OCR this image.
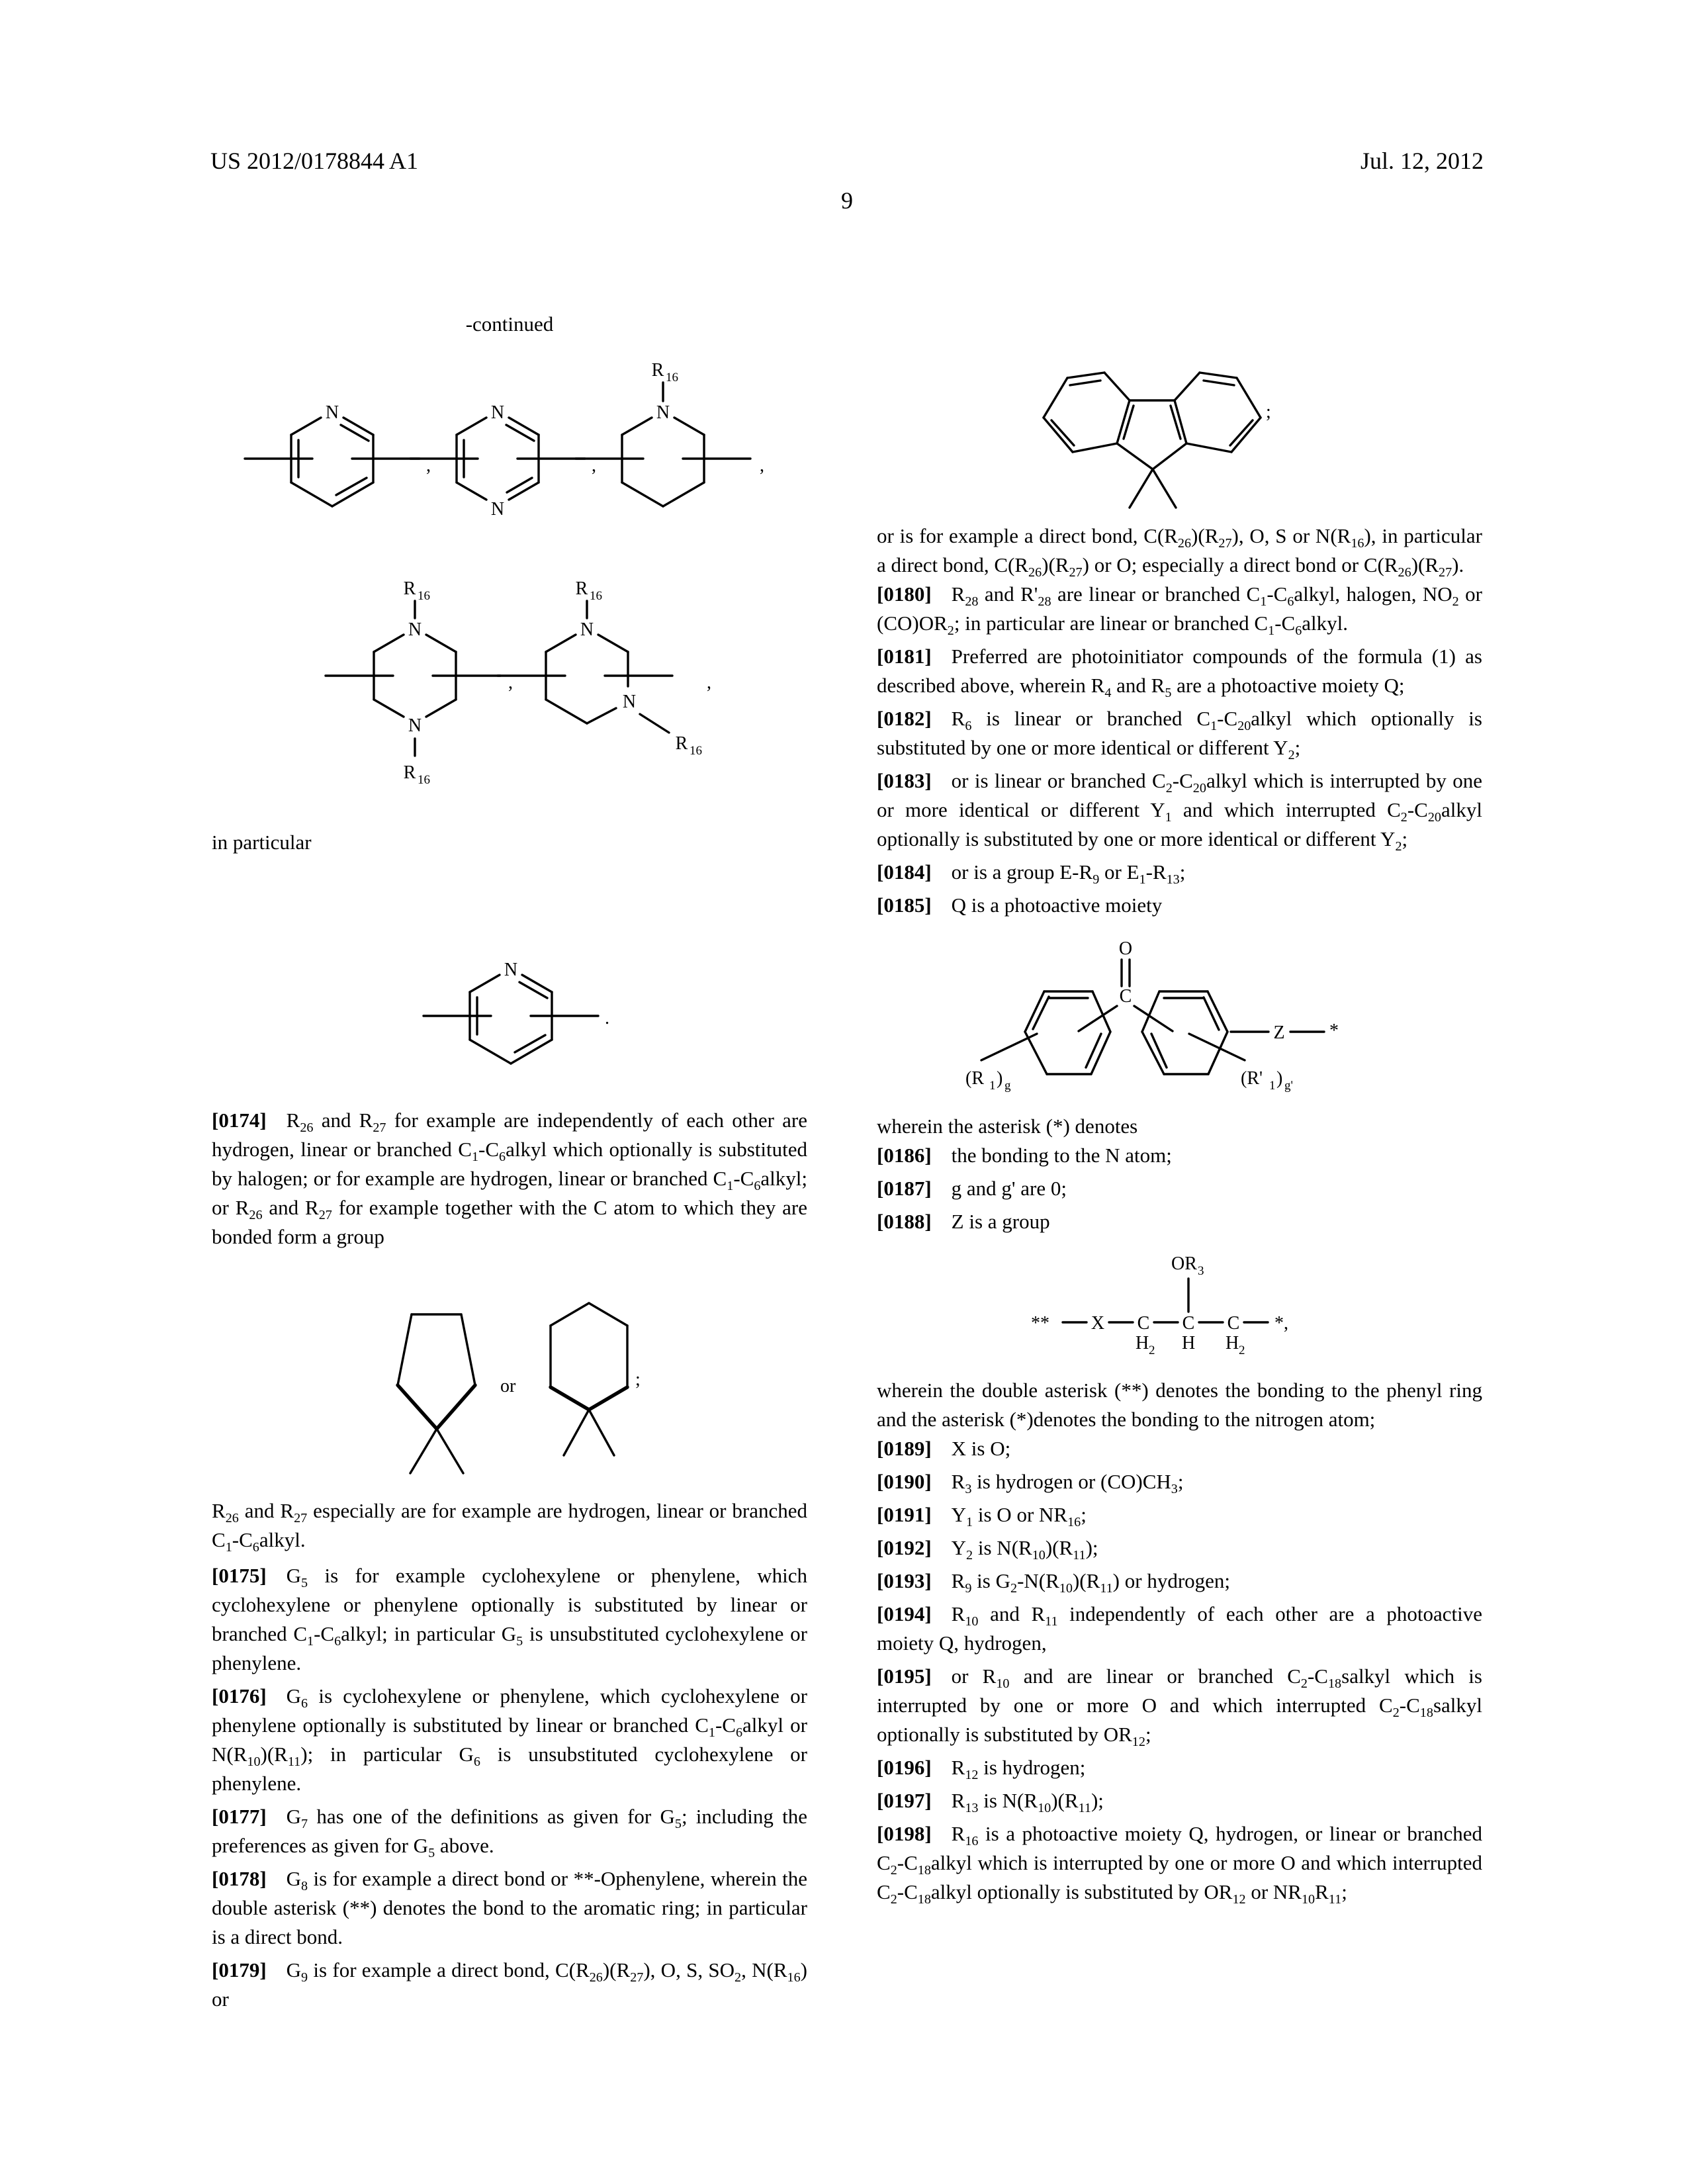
US 2012/0178844 A1	Jul. 12, 2012
9
-continued
N
,
N
N
,
N
R 16
,
N
N
R 16
R 16
,
N
R 16
N
R 16
,
in particular
N
.

[0174] $R_{26}$ and $R_{27}$ for example are independently of each other are hydrogen, linear or branched $C_1-C_6alkyl$ which optionally is substituted by halogen; or for example are hydrogen, linear or branched $C_1-C_6alkyl$; or $R_{26}$ and $R_{27}$ for example together with the C atom to which they are bonded form a group

or	;

$R_{26}$ and $R_{27}$ especially are for example are hydrogen, linear or branched $C_1-C_6alkyl$.

[0175] $G_5$ is for example cyclohexylene or phenylene, which cyclohexylene or phenylene optionally is substituted by linear or branched $C_1-C_6alkyl$; in particular $G_5$ is unsubstituted cyclohexylene or phenylene.

[0176] $G_6$ is cyclohexylene or phenylene, which cyclohexylene or phenylene optionally is substituted by linear or branched $C_1-C_6alkyl$ or $N(R_{10})(R_{11})$; in particular $G_6$ is unsubstituted cyclohexylene or phenylene.

[0177] $G_7$ has one of the definitions as given for $G_5$; including the preferences as given for $G_5$ above.

[0178] $G_8$ is for example a direct bond or **-Ophenylene, wherein the double asterisk (**) denotes the bond to the aromatic ring; in particular is a direct bond.

[0179] $G_9$ is for example a direct bond, $C(R_{26})(R_{27})$, O, S, $SO_2$, $N(R_{16})$ or

;

or is for example a direct bond, $C(R_{26})(R_{27})$, O, S or $N(R_{16})$, in particular a direct bond, $C(R_{26})(R_{27})$ or O; especially a direct bond or $C(R_{26})(R_{27})$.

[0180] $R_{28}$ and $R'_{28}$ are linear or branched $C_1-C_6alkyl$, halogen, $NO_2$ or $(CO)OR_2$; in particular are linear or branched $C_1-C_6alkyl$.

[0181] Preferred are photoinitiator compounds of the formula (1) as described above, wherein $R_4$ and $R_5$ are a photoactive moiety Q;

[0182] $R_6$ is linear or branched $C_1-C_{20}alkyl$ which optionally is substituted by one or more identical or different $Y_2$;

[0183] or is linear or branched $C_2-C_{20}alkyl$ which is interrupted by one or more identical or different $Y_1$ and which interrupted $C_2-C_{20}alkyl$ optionally is substituted by one or more identical or different $Y_2$;

[0184] or is a group $E-R_9$ or $E_1-R_{13}$;

[0185] Q is a photoactive moiety

O
C
(R 1 ) g	(R' 1 ) g'
Z *

wherein the asterisk (*) denotes

[0186] the bonding to the N atom;

[0187] g and g' are 0;

[0188] Z is a group

** X C
H 2
C
H
OR 3
C
H 2
*,

wherein the double asterisk (**) denotes the bonding to the phenyl ring and the asterisk (*)denotes the bonding to the nitrogen atom;

[0189] X is O;

[0190] $R_3$ is hydrogen or $(CO)CH_3$;

[0191] $Y_1$ is O or $NR_{16}$;

[0192] $Y_2$ is $N(R_{10})(R_{11})$;

[0193] $R_9$ is $G_2-N(R_{10})(R_{11})$ or hydrogen;

[0194] $R_{10}$ and $R_{11}$ independently of each other are a photoactive moiety Q, hydrogen,

[0195] or $R_{10}$ and are linear or branched $C_2-C_{18}salkyl$ which is interrupted by one or more O and which interrupted $C_2-C_{18}salkyl$ optionally is substituted by $OR_{12}$;

[0196] $R_{12}$ is hydrogen;

[0197] $R_{13}$ is $N(R_{10})(R_{11})$;

[0198] $R_{16}$ is a photoactive moiety Q, hydrogen, or linear or branched $C_2-C_{18}alkyl$ which is interrupted by one or more O and which interrupted $C_2-C_{18}alkyl$ optionally is substituted by $OR_{12}$ or $NR_{10}R_{11}$;
